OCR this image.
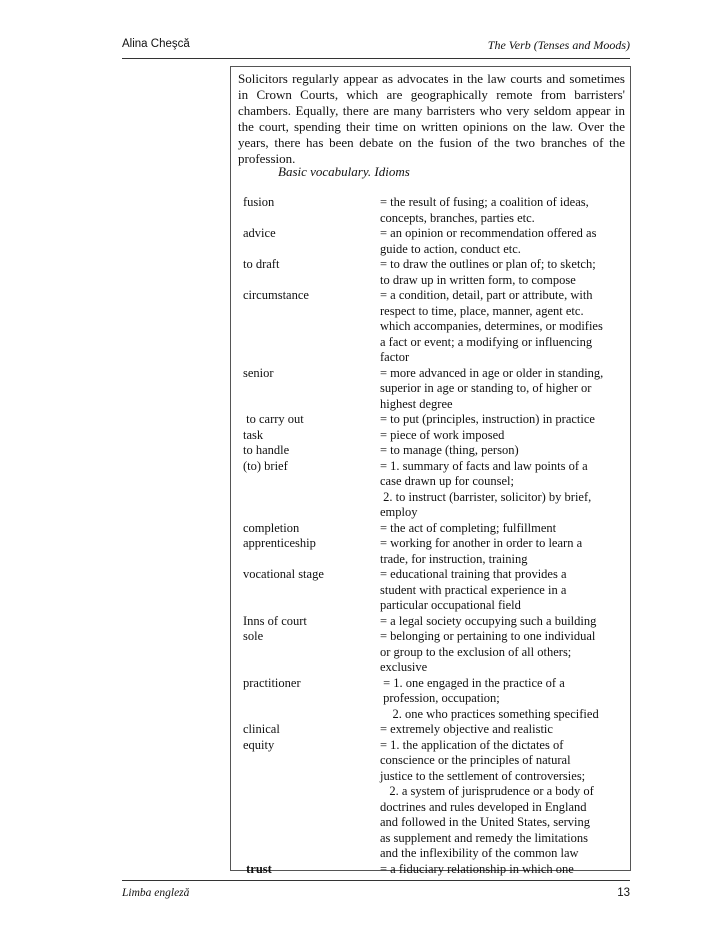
Alina Cheşcă	The Verb (Tenses and Moods)
Solicitors regularly appear as advocates in the law courts and sometimes in Crown Courts, which are geographically remote from barristers' chambers. Equally, there are many barristers who very seldom appear in the court, spending their time on written opinions on the law. Over the years, there has been debate on the fusion of the two branches of the profession.
Basic vocabulary. Idioms
fusion	= the result of fusing; a coalition of ideas,
concepts, branches, parties etc.
advice	= an opinion or recommendation offered as
guide to action, conduct etc.
to draft	= to draw the outlines or plan of; to sketch;
to draw up in written form, to compose
circumstance	= a condition, detail, part or attribute, with
respect to time, place, manner, agent etc.
which accompanies, determines, or modifies
a fact or event; a modifying or influencing
factor
senior	= more advanced in age or older in standing,
superior in age or standing to, of higher or
highest degree
to carry out	= to put (principles, instruction) in practice
task	= piece of work imposed
to handle	= to manage (thing, person)
(to) brief	= 1. summary of facts and law points of a
case drawn up for counsel;
2. to instruct (barrister, solicitor) by brief,
employ
completion	= the act of completing; fulfillment
apprenticeship	= working for another in order to learn a
trade, for instruction, training
vocational stage	= educational training that provides a
student with practical experience in a
particular occupational field
Inns of court	= a legal society occupying such a building
sole	= belonging or pertaining to one individual
or group to the exclusion of all others;
exclusive
practitioner	= 1. one engaged in the practice of a
profession, occupation;
2. one who practices something specified
clinical	= extremely objective and realistic
equity	= 1. the application of the dictates of
conscience or the principles of natural
justice to the settlement of controversies;
2. a system of jurisprudence or a body of
doctrines and rules developed in England
and followed in the United States, serving
as supplement and remedy the limitations
and the inflexibility of the common law
trust	= a fiduciary relationship in which one
Limba engleză	13
